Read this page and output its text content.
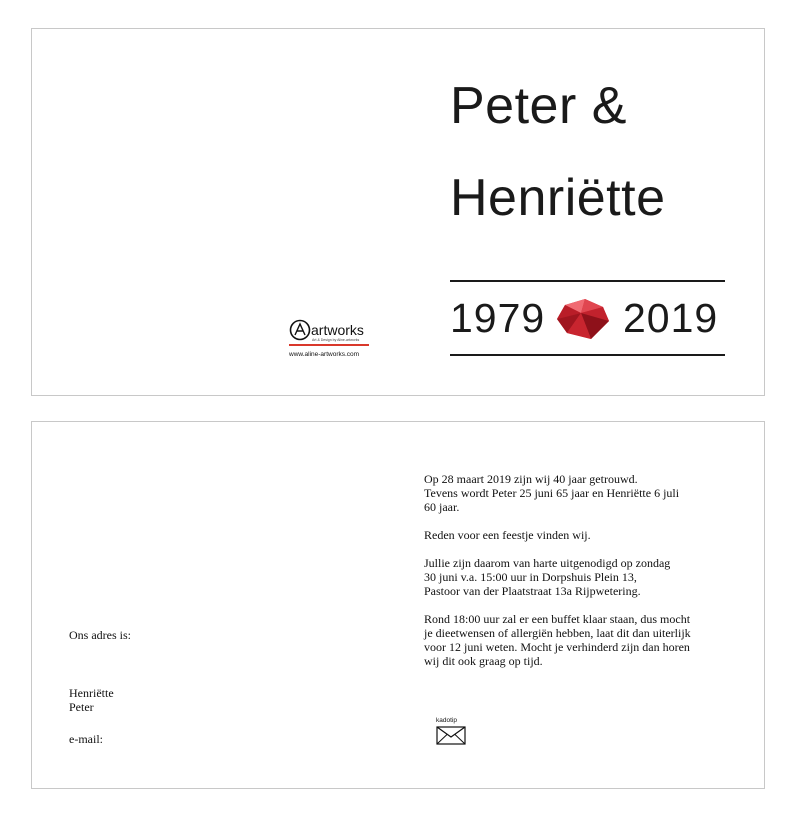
Peter &
Henriëtte
1979 2019
artworks
Art & Design by Aline-artworks
www.aline-artworks.com

Op 28 maart 2019 zijn wij 40 jaar getrouwd.
Tevens wordt Peter 25 juni 65 jaar en Henriëtte 6 juli
60 jaar.

Reden voor een feestje vinden wij.

Jullie zijn daarom van harte uitgenodigd op zondag
30 juni v.a. 15:00 uur in Dorpshuis Plein 13,
Pastoor van der Plaatstraat 13a Rijpwetering.

Rond 18:00 uur zal er een buffet klaar staan, dus mocht
je dieetwensen of allergiën hebben, laat dit dan uiterlijk
voor 12 juni weten. Mocht je verhinderd zijn dan horen
wij dit ook graag op tijd.

Ons adres is:
Henriëtte
Peter
e-mail:
kadotip
